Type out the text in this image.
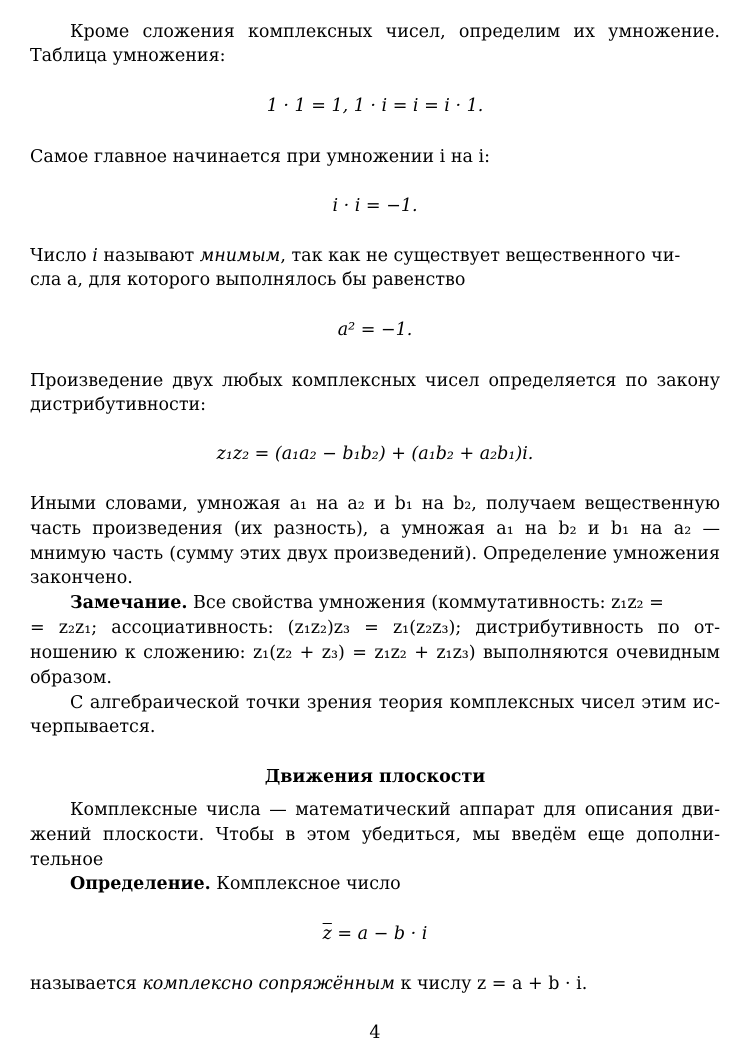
Кроме сложения комплексных чисел, определим их умножение.
Таблица умножения:
1 · 1 = 1, 1 · i = i = i · 1.
Самое главное начинается при умножении i на i:
i · i = −1.
Число i называют мнимым, так как не существует вещественного чи-
сла a, для которого выполнялось бы равенство
a² = −1.
Произведение двух любых комплексных чисел определяется по закону
дистрибутивности:
z₁z₂ = (a₁a₂ − b₁b₂) + (a₁b₂ + a₂b₁)i.
Иными словами, умножая a₁ на a₂ и b₁ на b₂, получаем вещественную
часть произведения (их разность), а умножая a₁ на b₂ и b₁ на a₂ —
мнимую часть (сумму этих двух произведений). Определение умножения
закончено.
Замечание. Все свойства умножения (коммутативность: z₁z₂ =
= z₂z₁; ассоциативность: (z₁z₂)z₃ = z₁(z₂z₃); дистрибутивность по от-
ношению к сложению: z₁(z₂ + z₃) = z₁z₂ + z₁z₃) выполняются очевидным
образом.
С алгебраической точки зрения теория комплексных чисел этим ис-
черпывается.
Движения плоскости
Комплексные числа — математический аппарат для описания дви-
жений плоскости. Чтобы в этом убедиться, мы введём еще дополни-
тельное
Определение. Комплексное число
$\overline{z} = a - b \cdot i$
называется комплексно сопряжённым к числу z = a + b · i.
4
